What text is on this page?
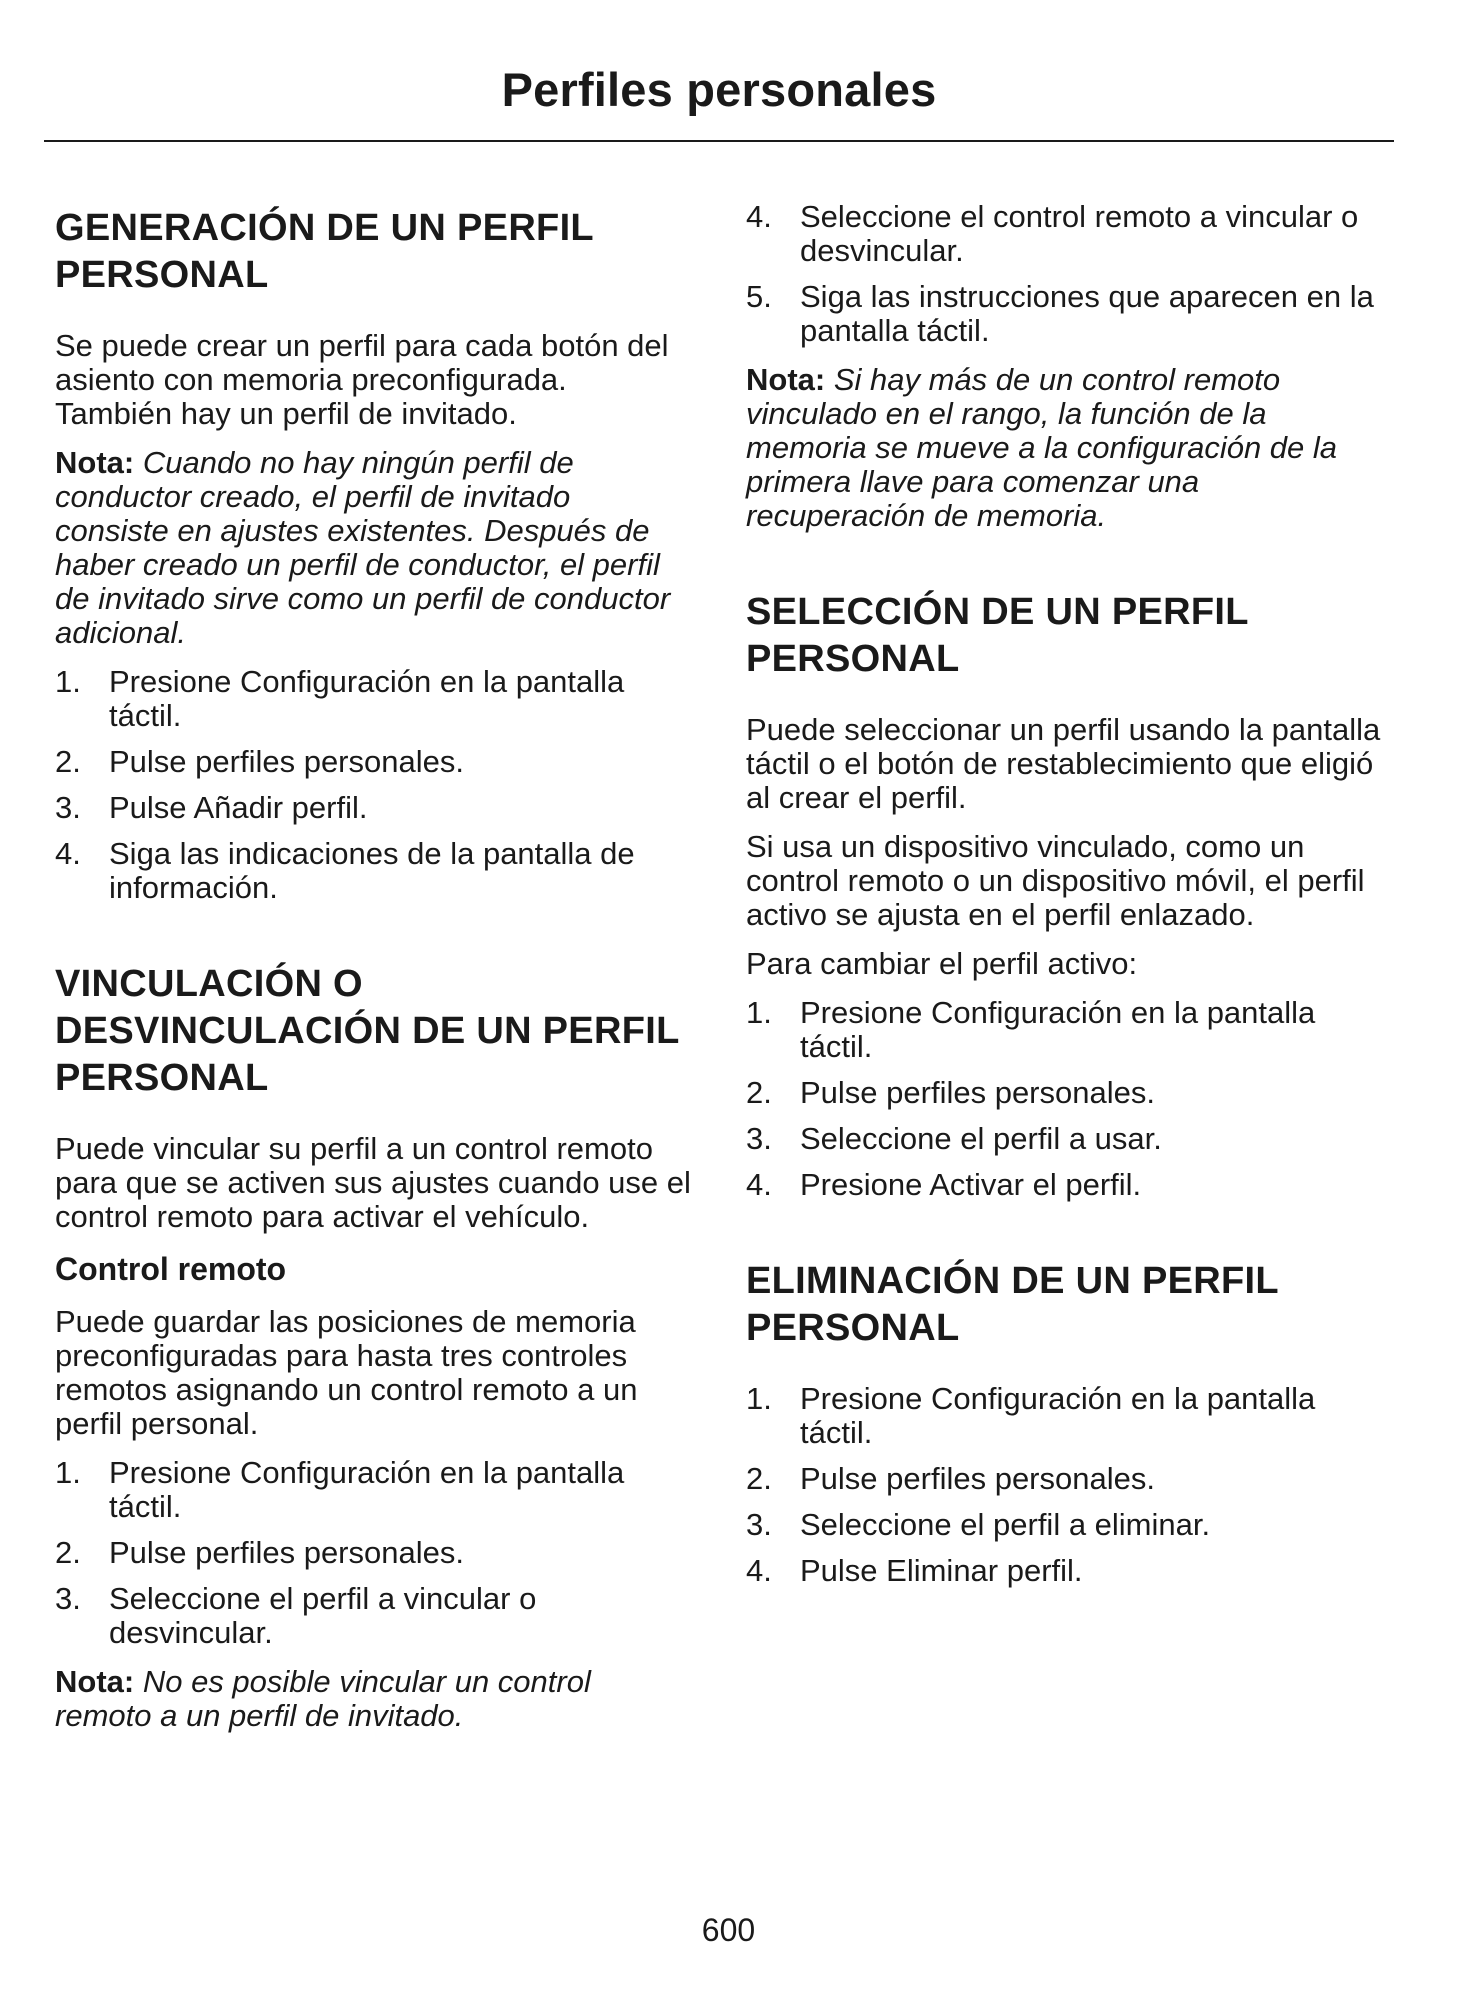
Perfiles personales
GENERACIÓN DE UN PERFIL PERSONAL

Se puede crear un perfil para cada botón del asiento con memoria preconfigurada. También hay un perfil de invitado.

Nota: Cuando no hay ningún perfil de conductor creado, el perfil de invitado consiste en ajustes existentes. Después de haber creado un perfil de conductor, el perfil de invitado sirve como un perfil de conductor adicional.

1. Presione Configuración en la pantalla táctil.
2. Pulse perfiles personales.
3. Pulse Añadir perfil.
4. Siga las indicaciones de la pantalla de información.
VINCULACIÓN O DESVINCULACIÓN DE UN PERFIL PERSONAL

Puede vincular su perfil a un control remoto para que se activen sus ajustes cuando use el control remoto para activar el vehículo.

Control remoto

Puede guardar las posiciones de memoria preconfiguradas para hasta tres controles remotos asignando un control remoto a un perfil personal.

1. Presione Configuración en la pantalla táctil.
2. Pulse perfiles personales.
3. Seleccione el perfil a vincular o desvincular.

Nota: No es posible vincular un control remoto a un perfil de invitado.

4. Seleccione el control remoto a vincular o desvincular.
5. Siga las instrucciones que aparecen en la pantalla táctil.

Nota: Si hay más de un control remoto vinculado en el rango, la función de la memoria se mueve a la configuración de la primera llave para comenzar una recuperación de memoria.

SELECCIÓN DE UN PERFIL PERSONAL

Puede seleccionar un perfil usando la pantalla táctil o el botón de restablecimiento que eligió al crear el perfil.

Si usa un dispositivo vinculado, como un control remoto o un dispositivo móvil, el perfil activo se ajusta en el perfil enlazado.

Para cambiar el perfil activo:

1. Presione Configuración en la pantalla táctil.
2. Pulse perfiles personales.
3. Seleccione el perfil a usar.
4. Presione Activar el perfil.
ELIMINACIÓN DE UN PERFIL PERSONAL
1. Presione Configuración en la pantalla táctil.
2. Pulse perfiles personales.
3. Seleccione el perfil a eliminar.
4. Pulse Eliminar perfil.
600
